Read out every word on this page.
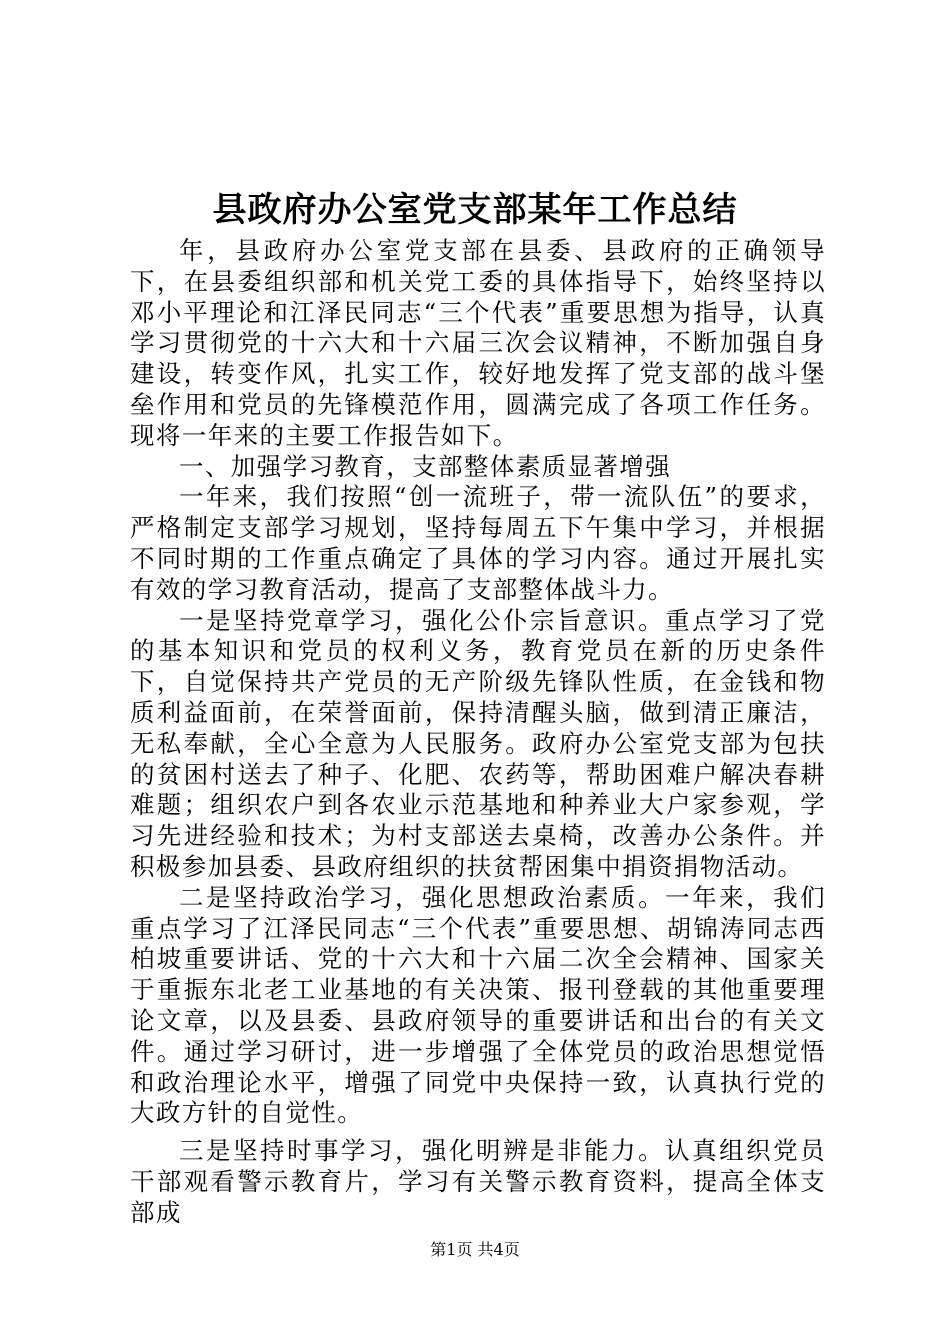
县政府办公室党支部某年工作总结

年，县政府办公室党支部在县委、县政府的正确领导下，在县委组织部和机关党工委的具体指导下，始终坚持以邓小平理论和江泽民同志“三个代表”重要思想为指导，认真学习贯彻党的十六大和十六届三次会议精神，不断加强自身建设，转变作风，扎实工作，较好地发挥了党支部的战斗堡垒作用和党员的先锋模范作用，圆满完成了各项工作任务。现将一年来的主要工作报告如下。

一、加强学习教育，支部整体素质显著增强

一年来，我们按照“创一流班子，带一流队伍”的要求，严格制定支部学习规划，坚持每周五下午集中学习，并根据不同时期的工作重点确定了具体的学习内容。通过开展扎实有效的学习教育活动，提高了支部整体战斗力。

一是坚持党章学习，强化公仆宗旨意识。重点学习了党的基本知识和党员的权利义务，教育党员在新的历史条件下，自觉保持共产党员的无产阶级先锋队性质，在金钱和物质利益面前，在荣誉面前，保持清醒头脑，做到清正廉洁，无私奉献，全心全意为人民服务。政府办公室党支部为包扶的贫困村送去了种子、化肥、农药等，帮助困难户解决春耕难题；组织农户到各农业示范基地和种养业大户家参观，学习先进经验和技术；为村支部送去桌椅，改善办公条件。并积极参加县委、县政府组织的扶贫帮困集中捐资捐物活动。

二是坚持政治学习，强化思想政治素质。一年来，我们重点学习了江泽民同志“三个代表”重要思想、胡锦涛同志西柏坡重要讲话、党的十六大和十六届二次全会精神、国家关于重振东北老工业基地的有关决策、报刊登载的其他重要理论文章，以及县委、县政府领导的重要讲话和出台的有关文件。通过学习研讨，进一步增强了全体党员的政治思想觉悟和政治理论水平，增强了同党中央保持一致，认真执行党的大政方针的自觉性。

三是坚持时事学习，强化明辨是非能力。认真组织党员干部观看警示教育片，学习有关警示教育资料，提高全体支部成

第1页 共4页
